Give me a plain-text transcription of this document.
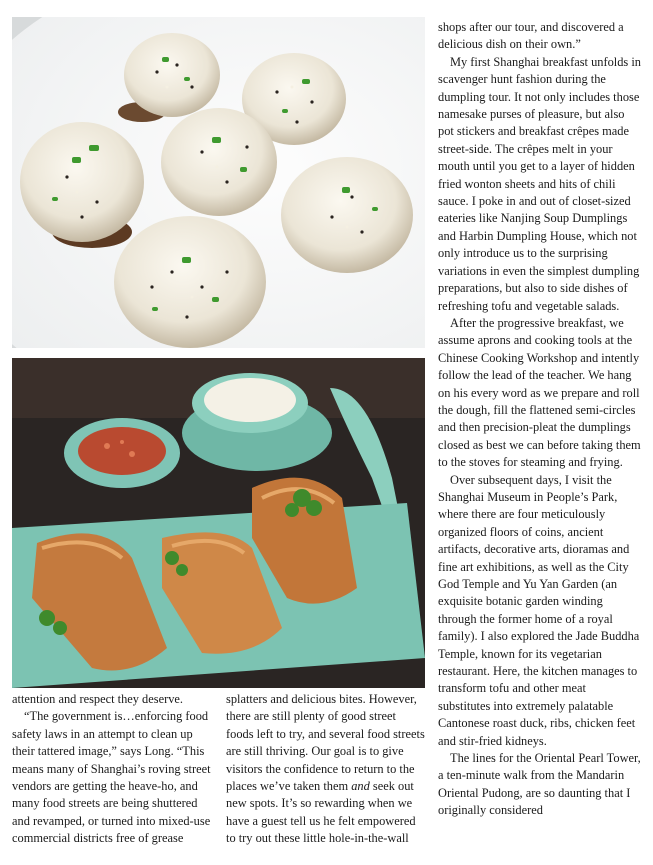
shops after our tour, and discovered a delicious dish on their own.”

My first Shanghai breakfast unfolds in scavenger hunt fashion during the dumpling tour. It not only includes those namesake purses of pleasure, but also pot stickers and breakfast crêpes made street-side. The crêpes melt in your mouth until you get to a layer of hidden fried wonton sheets and hits of chili sauce. I poke in and out of closet-sized eateries like Nanjing Soup Dumplings and Harbin Dumpling House, which not only introduce us to the surprising variations in even the simplest dumpling preparations, but also to side dishes of refreshing tofu and vegetable salads.

After the progressive breakfast, we assume aprons and cooking tools at the Chinese Cooking Workshop and intently follow the lead of the teacher. We hang on his every word as we prepare and roll the dough, fill the flattened semi-circles and then precision-pleat the dumplings closed as best we can before taking them to the stoves for steaming and frying.

Over subsequent days, I visit the Shanghai Museum in People’s Park, where there are four meticulously organized floors of coins, ancient artifacts, decorative arts, dioramas and fine art exhibitions, as well as the City God Temple and Yu Yan Garden (an exquisite botanic garden winding through the former home of a royal family). I also explored the Jade Buddha Temple, known for its vegetarian restaurant. Here, the kitchen manages to transform tofu and other meat substitutes into extremely palatable Cantonese roast duck, ribs, chicken feet and stir-fried kidneys.

The lines for the Oriental Pearl Tower, a ten-minute walk from the Mandarin Oriental Pudong, are so daunting that I originally considered

attention and respect they deserve.

“The government is…enforcing food safety laws in an attempt to clean up their tattered image,” says Long. “This means many of Shanghai’s roving street vendors are getting the heave-ho, and many food streets are being shuttered and revamped, or turned into mixed-use commercial districts free of grease

splatters and delicious bites. However, there are still plenty of good street foods left to try, and several food streets are still thriving. Our goal is to give visitors the confidence to return to the places we’ve taken them and seek out new spots. It’s so rewarding when we have a guest tell us he felt empowered to try out these little hole-in-the-wall
